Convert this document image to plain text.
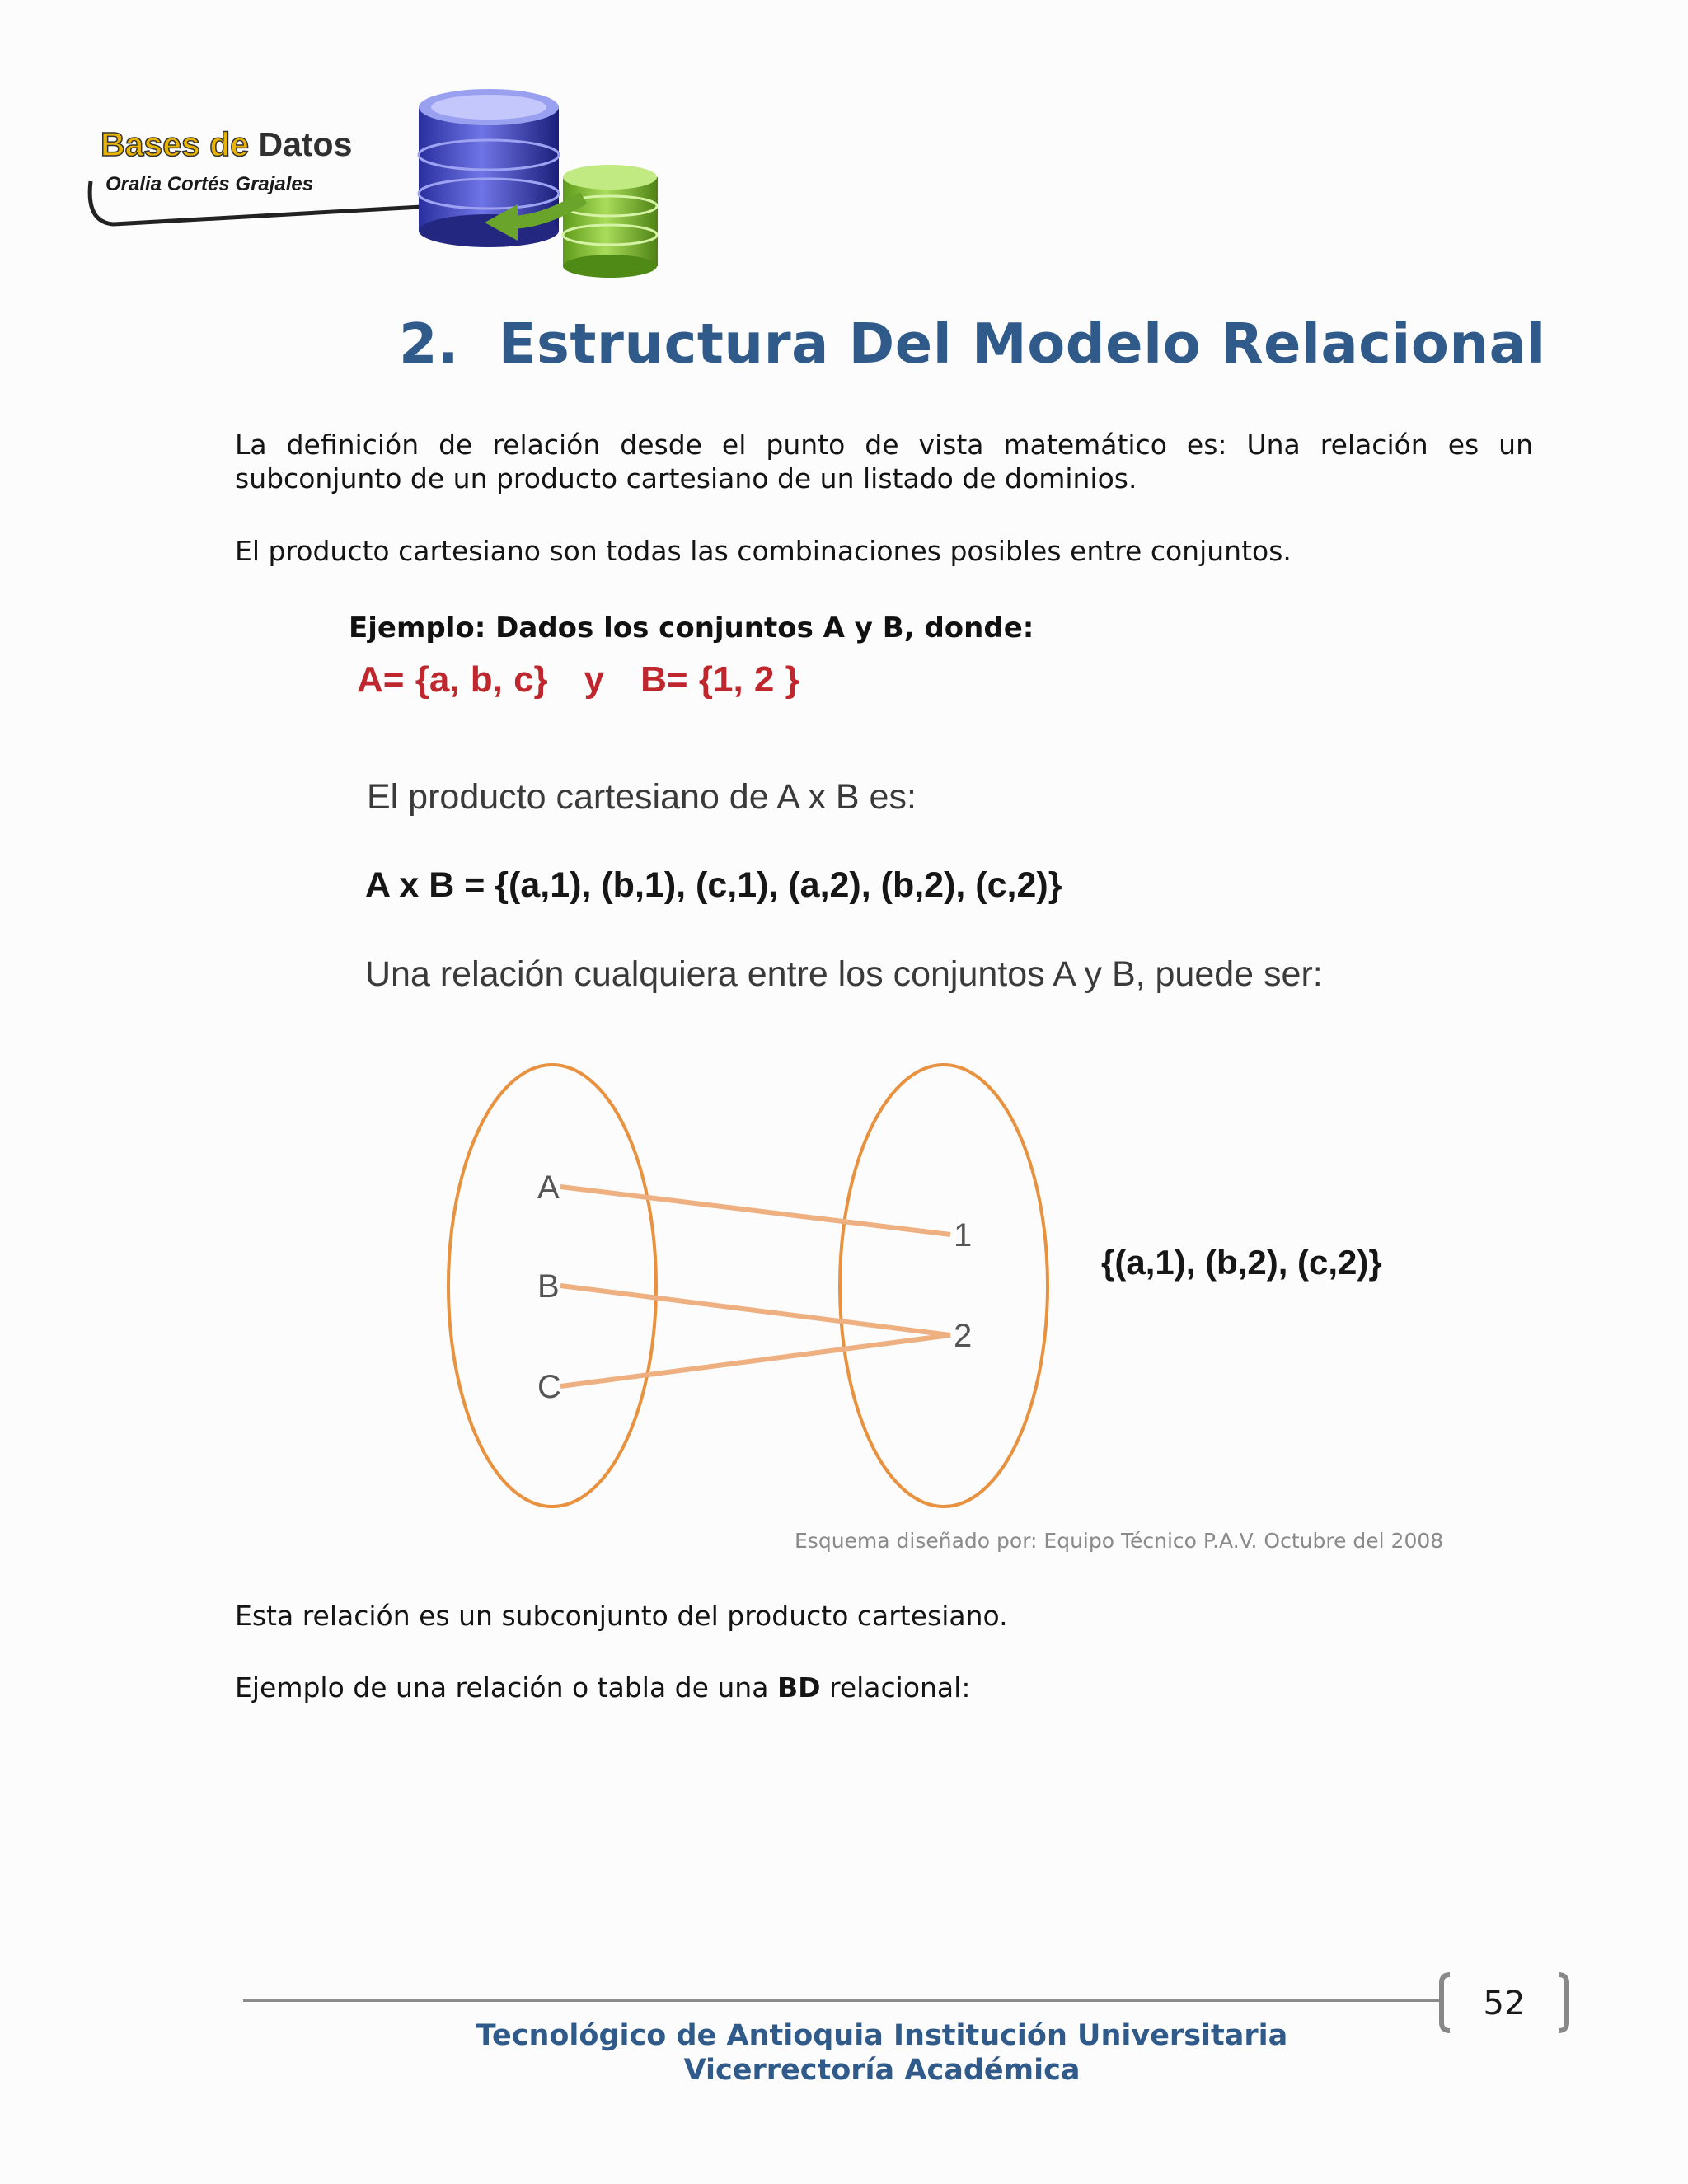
Bases de Datos
Oralia Cortés Grajales
2. Estructura Del Modelo Relacional
La definición de relación desde el punto de vista matemático es: Una relación es un subconjunto de un producto cartesiano de un listado de dominios.
El producto cartesiano son todas las combinaciones posibles entre conjuntos.
Ejemplo: Dados los conjuntos A y B, donde:
A= {a, b, c} y B= {1, 2 }
El producto cartesiano de A x B es:
A x B = {(a,1), (b,1), (c,1), (a,2), (b,2), (c,2)}
Una relación cualquiera entre los conjuntos A y B, puede ser:
A
B
C
1
2
{(a,1), (b,2), (c,2)}
Esquema diseñado por: Equipo Técnico P.A.V. Octubre del 2008
Esta relación es un subconjunto del producto cartesiano.
Ejemplo de una relación o tabla de una BD relacional:
52
Tecnológico de Antioquia Institución Universitaria
Vicerrectoría Académica
